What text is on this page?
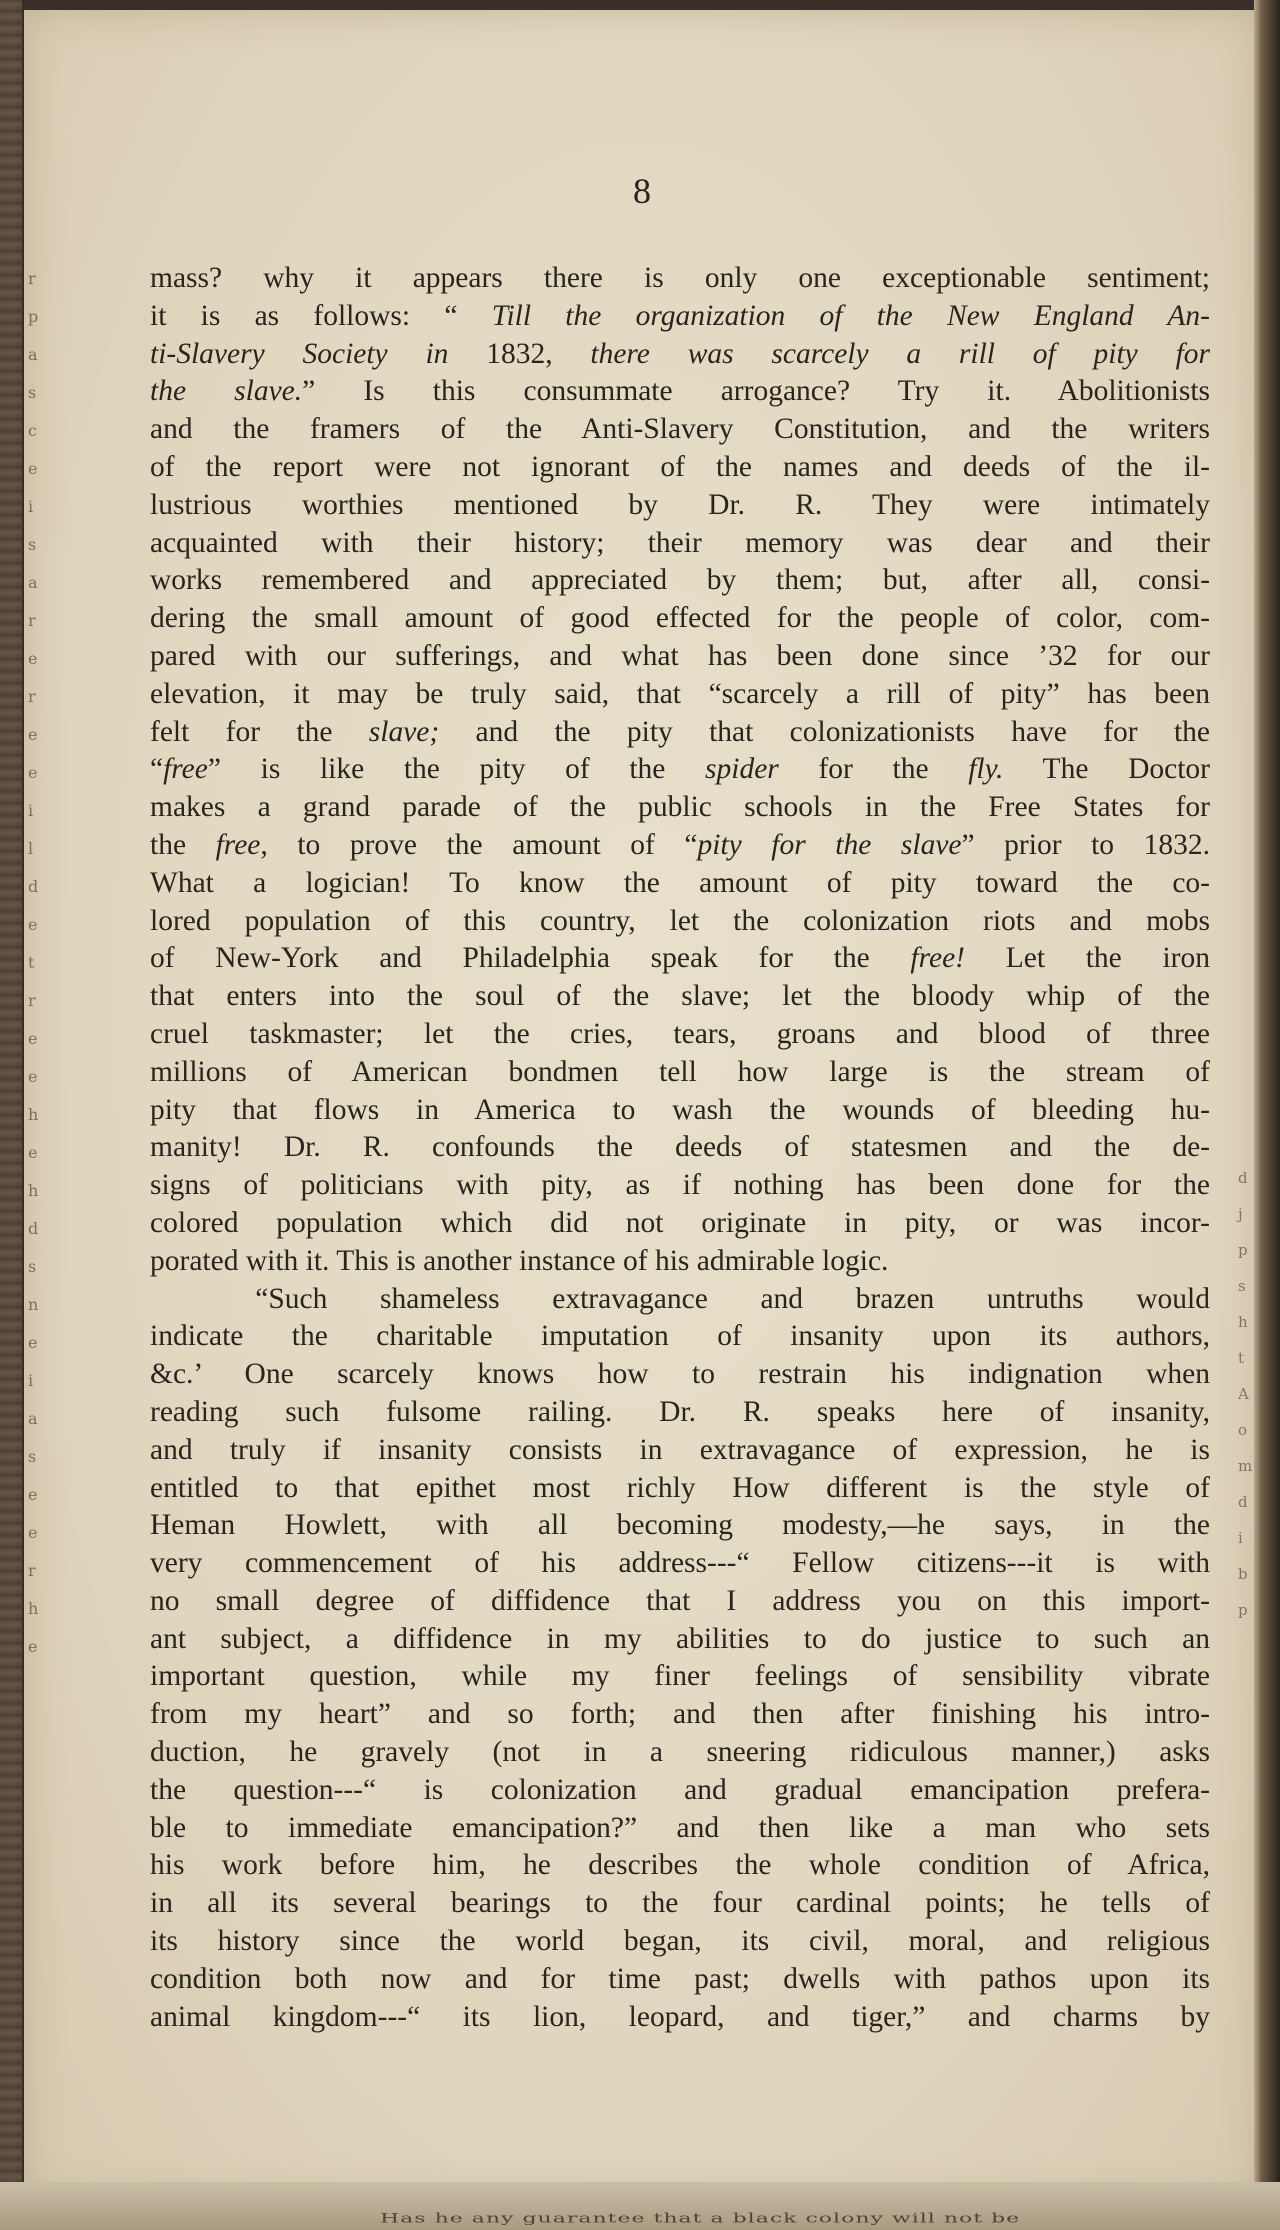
r
p
a
s
c
e
i
s
a
r
e
r
e
e
i
l
d
e
t
r
e
e
h
e
h
d
s
n
e
i
a
s
e
e
r
h
e
d
j
p
s
h
t
A
o
m
d
i
b
p
8
mass? why it appears there is only one exceptionable sentiment;
it is as follows: “ Till the organization of the New England An-
ti-Slavery Society in 1832, there was scarcely a rill of pity for
the slave.” Is this consummate arrogance? Try it. Abolitionists
and the framers of the Anti-Slavery Constitution, and the writers
of the report were not ignorant of the names and deeds of the il-
lustrious worthies mentioned by Dr. R. They were intimately
acquainted with their history; their memory was dear and their
works remembered and appreciated by them; but, after all, consi-
dering the small amount of good effected for the people of color, com-
pared with our sufferings, and what has been done since ’32 for our
elevation, it may be truly said, that “scarcely a rill of pity” has been
felt for the slave; and the pity that colonizationists have for the
“free” is like the pity of the spider for the fly. The Doctor
makes a grand parade of the public schools in the Free States for
the free, to prove the amount of “pity for the slave” prior to 1832.
What a logician! To know the amount of pity toward the co-
lored population of this country, let the colonization riots and mobs
of New-York and Philadelphia speak for the free! Let the iron
that enters into the soul of the slave; let the bloody whip of the
cruel taskmaster; let the cries, tears, groans and blood of three
millions of American bondmen tell how large is the stream of
pity that flows in America to wash the wounds of bleeding hu-
manity! Dr. R. confounds the deeds of statesmen and the de-
signs of politicians with pity, as if nothing has been done for the
colored population which did not originate in pity, or was incor-
porated with it. This is another instance of his admirable logic.
“Such shameless extravagance and brazen untruths would
indicate the charitable imputation of insanity upon its authors,
&c.’ One scarcely knows how to restrain his indignation when
reading such fulsome railing. Dr. R. speaks here of insanity,
and truly if insanity consists in extravagance of expression, he is
entitled to that epithet most richly How different is the style of
Heman Howlett, with all becoming modesty,—he says, in the
very commencement of his address---“ Fellow citizens---it is with
no small degree of diffidence that I address you on this import-
ant subject, a diffidence in my abilities to do justice to such an
important question, while my finer feelings of sensibility vibrate
from my heart” and so forth; and then after finishing his intro-
duction, he gravely (not in a sneering ridiculous manner,) asks
the question---“ is colonization and gradual emancipation prefera-
ble to immediate emancipation?” and then like a man who sets
his work before him, he describes the whole condition of Africa,
in all its several bearings to the four cardinal points; he tells of
its history since the world began, its civil, moral, and religious
condition both now and for time past; dwells with pathos upon its
animal kingdom---“ its lion, leopard, and tiger,” and charms by
Has he any guarantee that a black colony will not be
